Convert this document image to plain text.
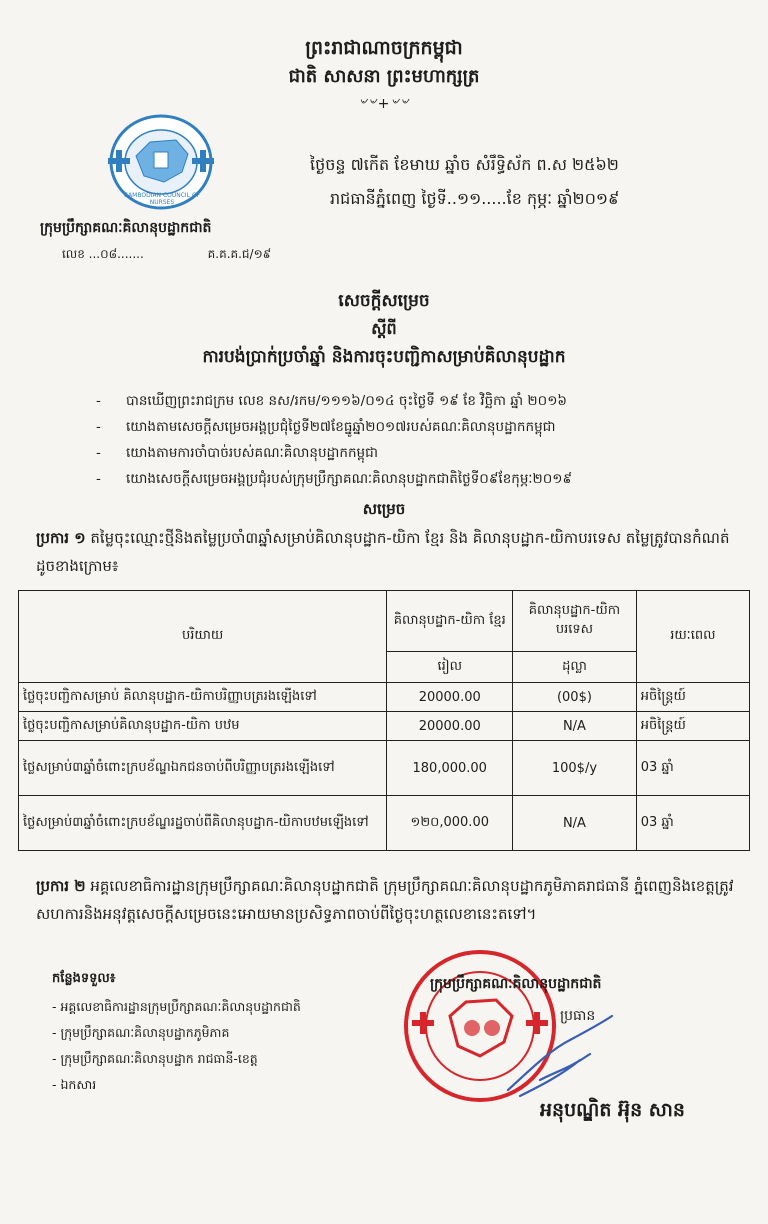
ព្រះរាជាណាចក្រកម្ពុជា
ជាតិ សាសនា ព្រះមហាក្សត្រ
৺৺+৺৺
CAMBODIAN COUNCIL OF NURSES
ក្រុមប្រឹក្សាគណៈគិលានុបដ្ឋាកជាតិ
លេខ ...០៨.......	គ.គ.គ.ជ/១៩
ថ្ងៃចន្ទ ៧កើត ខែមាឃ ឆ្នាំច សំរឹទ្ធិស័ក ព.ស ២៥៦២
រាជធានីភ្នំពេញ ថ្ងៃទី..១១.....ខែ កុម្ភៈ ឆ្នាំ២០១៩
សេចក្តីសម្រេច
ស្តីពី
ការបង់ប្រាក់ប្រចាំឆ្នាំ និងការចុះបញ្ជិកាសម្រាប់គិលានុបដ្ឋាក
- បានឃើញព្រះរាជក្រម លេខ នស/រកម/១១១៦/០១៤ ចុះថ្ងៃទី ១៩ ខែ វិច្ឆិកា ឆ្នាំ ២០១៦
- យោងតាមសេចក្តីសម្រេចអង្គប្រជុំថ្ងៃទី២៧ខែធ្នូឆ្នាំ២០១៧របស់គណៈគិលានុបដ្ឋាកកម្ពុជា
- យោងតាមការចាំបាច់របស់គណៈគិលានុបដ្ឋាកកម្ពុជា
- យោងសេចក្តីសម្រេចអង្គប្រជុំរបស់ក្រុមប្រឹក្សាគណៈគិលានុបដ្ឋាកជាតិថ្ងៃទី០៩ខែកុម្ភៈ២០១៩
សម្រេច
ប្រការ ១ តម្លៃចុះឈ្មោះថ្មីនិងតម្លៃប្រចាំ៣ឆ្នាំសម្រាប់គិលានុបដ្ឋាក-យិកា ខ្មែរ និង គិលានុបដ្ឋាក-យិកាបរទេស តម្លៃត្រូវបានកំណត់ដូចខាងក្រោម៖
បរិយាយ	គិលានុបដ្ឋាក-យិកា ខ្មែរ	គិលានុបដ្ឋាក-យិកា បរទេស	រយៈពេល
	រៀល	ដុល្លា	
ថ្លៃចុះបញ្ជិកាសម្រាប់ គិលានុបដ្ឋាក-យិកាបរិញ្ញាបត្ររងឡើងទៅ	20000.00	(00$)	អចិន្ត្រៃយ៍
ថ្លៃចុះបញ្ជិកាសម្រាប់គិលានុបដ្ឋាក-យិកា បឋម	20000.00	N/A	អចិន្ត្រៃយ៍
ថ្លៃសម្រាប់៣ឆ្នាំចំពោះក្របខ័ណ្ឌឯកជនចាប់ពីបរិញ្ញាបត្ររងឡើងទៅ	180,000.00	100$/y	03 ឆ្នាំ
ថ្លៃសម្រាប់៣ឆ្នាំចំពោះក្របខ័ណ្ឌរដ្ឋចាប់ពីគិលានុបដ្ឋាក-យិកាបឋមឡើងទៅ	១២០,000.00	N/A	03 ឆ្នាំ
ប្រការ ២ អគ្គលេខាធិការដ្ឋានក្រុមប្រឹក្សាគណៈគិលានុបដ្ឋាកជាតិ ក្រុមប្រឹក្សាគណៈគិលានុបដ្ឋាកភូមិភាគរាជធានី ភ្នំពេញនិងខេត្តត្រូវសហការនិងអនុវត្តសេចក្តីសម្រេចនេះអោយមានប្រសិទ្ធភាពចាប់ពីថ្ងៃចុះហត្ថលេខានេះតទៅ។
កន្លែងទទួល៖
- អគ្គលេខាធិការដ្ឋានក្រុមប្រឹក្សាគណៈគិលានុបដ្ឋាកជាតិ
- ក្រុមប្រឹក្សាគណៈគិលានុបដ្ឋាកភូមិភាគ
- ក្រុមប្រឹក្សាគណៈគិលានុបដ្ឋាក រាជធានី-ខេត្ត
- ឯកសារ
ក្រុមប្រឹក្សាគណៈគិលានុបដ្ឋាកជាតិ
ប្រធាន
អនុបណ្ឌិត អ៊ុន សាន
